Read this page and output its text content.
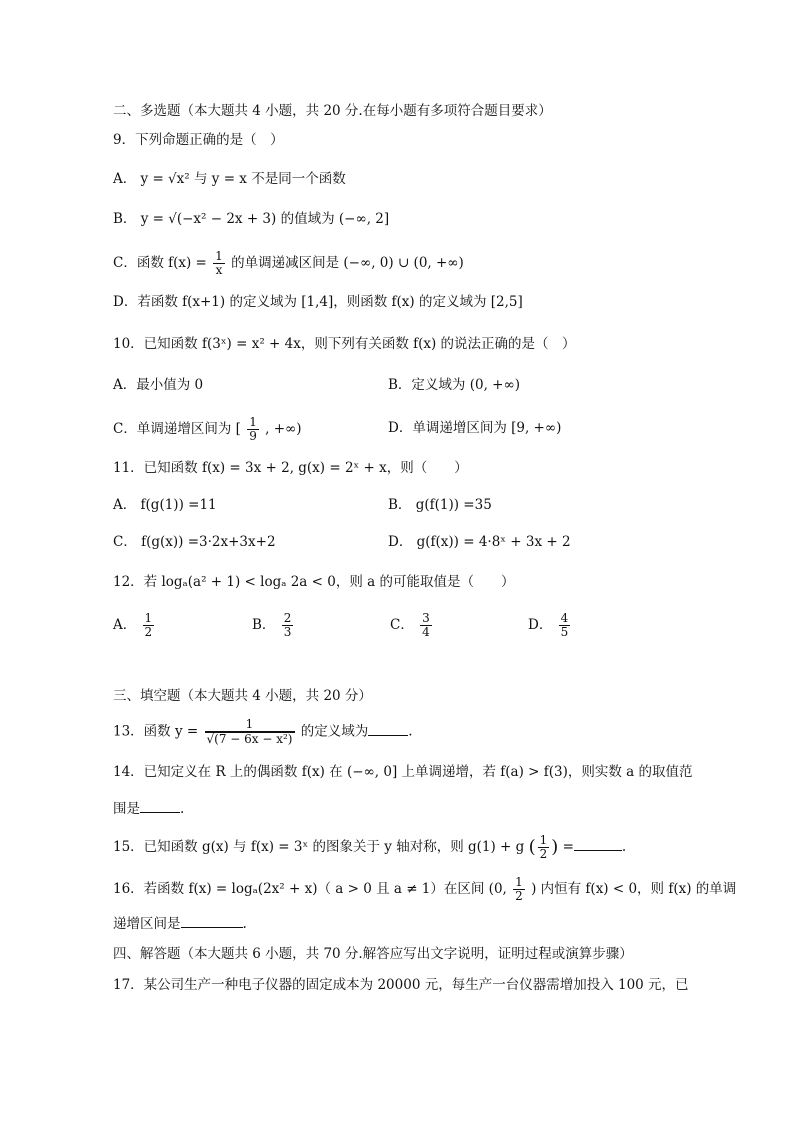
二、多选题（本大题共 4 小题，共 20 分.在每小题有多项符合题目要求）
9．下列命题正确的是（　）
A． y = √x² 与 y = x 不是同一个函数
B． y = √(−x² − 2x + 3) 的值域为 (−∞, 2]
C．函数 $f(x) = \frac{1}{x}$ 的单调递减区间是 (−∞, 0) ∪ (0, +∞)
D．若函数 f(x+1) 的定义域为 [1,4]，则函数 f(x) 的定义域为 [2,5]
10．已知函数 f(3ˣ) = x² + 4x，则下列有关函数 f(x) 的说法正确的是（　）
A．最小值为 0	B．定义域为 (0, +∞)
C．单调递增区间为 [ $\frac{1}{9}$ , +∞)	D．单调递增区间为 [9, +∞)
11．已知函数 f(x) = 3x + 2, g(x) = 2ˣ + x，则（　　）
A． f(g(1)) =11	B． g(f(1)) =35
C． f(g(x)) =3·2x+3x+2	D． g(f(x)) = 4·8ˣ + 3x + 2
12．若 logₐ(a² + 1) < logₐ 2a < 0，则 a 的可能取值是（　　）
A． $\frac{1}{2}$	B． $\frac{2}{3}$	C． $\frac{3}{4}$	D． $\frac{4}{5}$
三、填空题（本大题共 4 小题，共 20 分）
13．函数 $y = \frac{1}{\text{√(7 − 6x − x²)}}$ 的定义域为	.
14．已知定义在 R 上的偶函数 f(x) 在 (−∞, 0] 上单调递增，若 f(a) > f(3)，则实数 a 的取值范
围是	.
15．已知函数 g(x) 与 f(x) = 3ˣ 的图象关于 y 轴对称，则 g(1) + g ( $\frac{1}{2}$ ) =	.
16．若函数 f(x) = logₐ(2x² + x)（ a > 0 且 a ≠ 1）在区间 (0, $\frac{1}{2}$ ) 内恒有 f(x) < 0，则 f(x) 的单调
递增区间是	.
四、解答题（本大题共 6 小题，共 70 分.解答应写出文字说明，证明过程或演算步骤）
17．某公司生产一种电子仪器的固定成本为 20000 元，每生产一台仪器需增加投入 100 元，已
